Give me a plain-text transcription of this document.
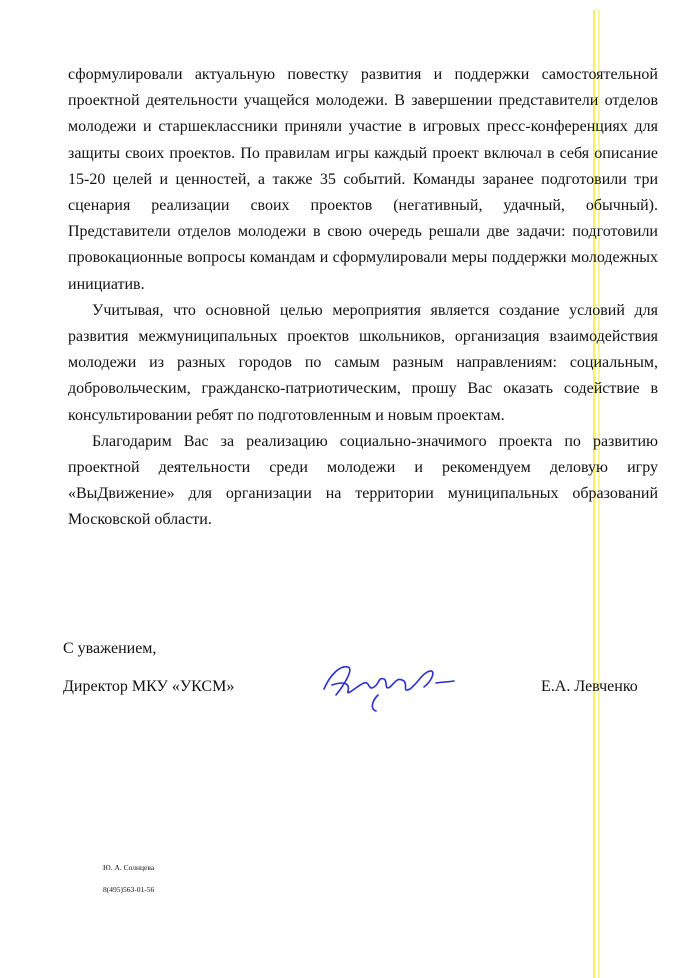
сформулировали актуальную повестку развития и поддержки самостоятельной проектной деятельности учащейся молодежи. В завершении представители отделов молодежи и старшеклассники приняли участие в игровых пресс-конференциях для защиты своих проектов. По правилам игры каждый проект включал в себя описание 15-20 целей и ценностей, а также 35 событий. Команды заранее подготовили три сценария реализации своих проектов (негативный, удачный, обычный). Представители отделов молодежи в свою очередь решали две задачи: подготовили провокационные вопросы командам и сформулировали меры поддержки молодежных инициатив.

Учитывая, что основной целью мероприятия является создание условий для развития межмуниципальных проектов школьников, организация взаимодействия молодежи из разных городов по самым разным направлениям: социальным, добровольческим, гражданско-патриотическим, прошу Вас оказать содействие в консультировании ребят по подготовленным и новым проектам.

Благодарим Вас за реализацию социально-значимого проекта по развитию проектной деятельности среди молодежи и рекомендуем деловую игру «ВыДвижение» для организации на территории муниципальных образований Московской области.

С уважением,
Директор МКУ «УКСМ»	Е.А. Левченко
Ю. А. Солнцева
8(495)563-01-56
